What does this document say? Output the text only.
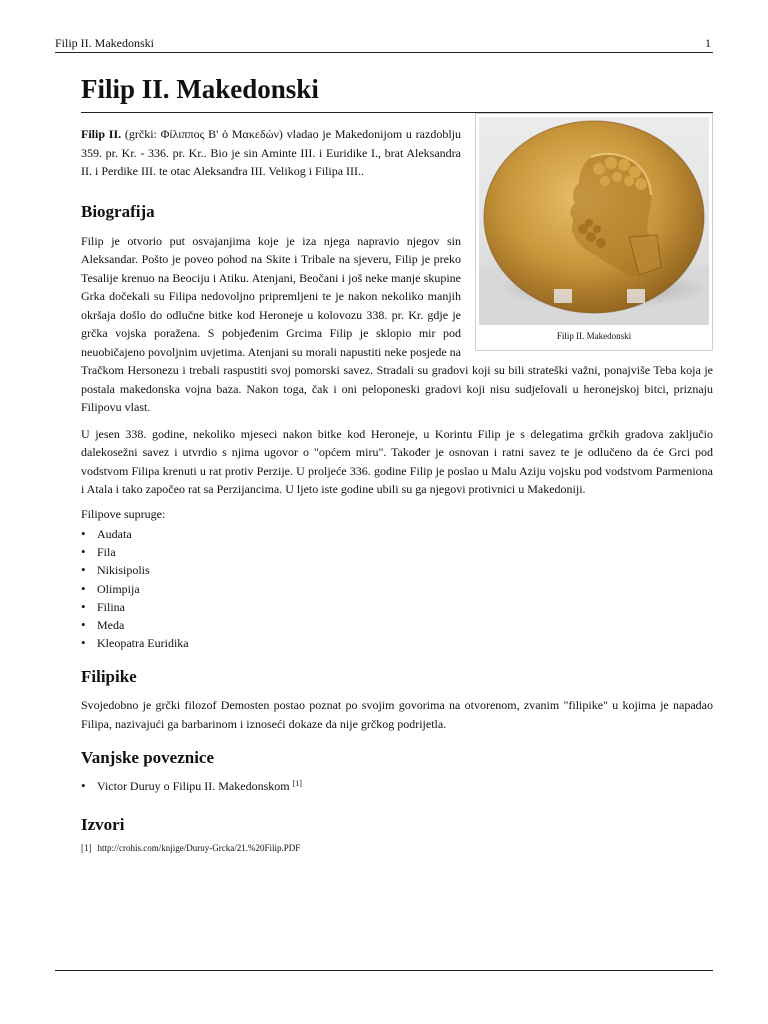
Filip II. Makedonski	1
Filip II. Makedonski
Filip II. Makedonski

Filip II. (grčki: Φίλιππος Β' ὁ Μακεδών) vladao je Makedonijom u razdoblju 359. pr. Kr. - 336. pr. Kr.. Bio je sin Aminte III. i Euridike I., brat Aleksandra II. i Perdike III. te otac Aleksandra III. Velikog i Filipa III..

Biografija

Filip je otvorio put osvajanjima koje je iza njega napravio njegov sin Aleksandar. Pošto je poveo pohod na Skite i Tribale na sjeveru, Filip je preko Tesalije krenuo na Beociju i Atiku. Atenjani, Beočani i još neke manje skupine Grka dočekali su Filipa nedovoljno pripremljeni te je nakon nekoliko manjih okršaja došlo do odlučne bitke kod Heroneje u kolovozu 338. pr. Kr. gdje je grčka vojska poražena. S pobjeđenim Grcima Filip je sklopio mir pod neuobičajeno povoljnim uvjetima. Atenjani su morali napustiti neke posjede na Tračkom Hersonezu i trebali raspustiti svoj pomorski savez. Stradali su gradovi koji su bili strateški važni, ponajviše Teba koja je postala makedonska vojna baza. Nakon toga, čak i oni peloponeski gradovi koji nisu sudjelovali u heronejskoj bitci, priznaju Filipovu vlast.

U jesen 338. godine, nekoliko mjeseci nakon bitke kod Heroneje, u Korintu Filip je s delegatima grčkih gradova zaključio dalekosežni savez i utvrdio s njima ugovor o "općem miru". Također je osnovan i ratni savez te je odlučeno da će Grci pod vodstvom Filipa krenuti u rat protiv Perzije. U proljeće 336. godine Filip je poslao u Malu Aziju vojsku pod vodstvom Parmeniona i Atala i tako započeo rat sa Perzijancima. U ljeto iste godine ubili su ga njegovi protivnici u Makedoniji.

Filipove supruge:

• Audata
• Fila
• Nikisipolis
• Olimpija
• Filina
• Meda
• Kleopatra Euridika
Filipike

Svojedobno je grčki filozof Demosten postao poznat po svojim govorima na otvorenom, zvanim "filipike" u kojima je napadao Filipa, nazivajući ga barbarinom i iznoseći dokaze da nije grčkog podrijetla.

Vanjske poveznice
• Victor Duruy o Filipu II. Makedonskom [1]
Izvori
[1] http://crohis.com/knjige/Duruy-Grcka/21.%20Filip.PDF
